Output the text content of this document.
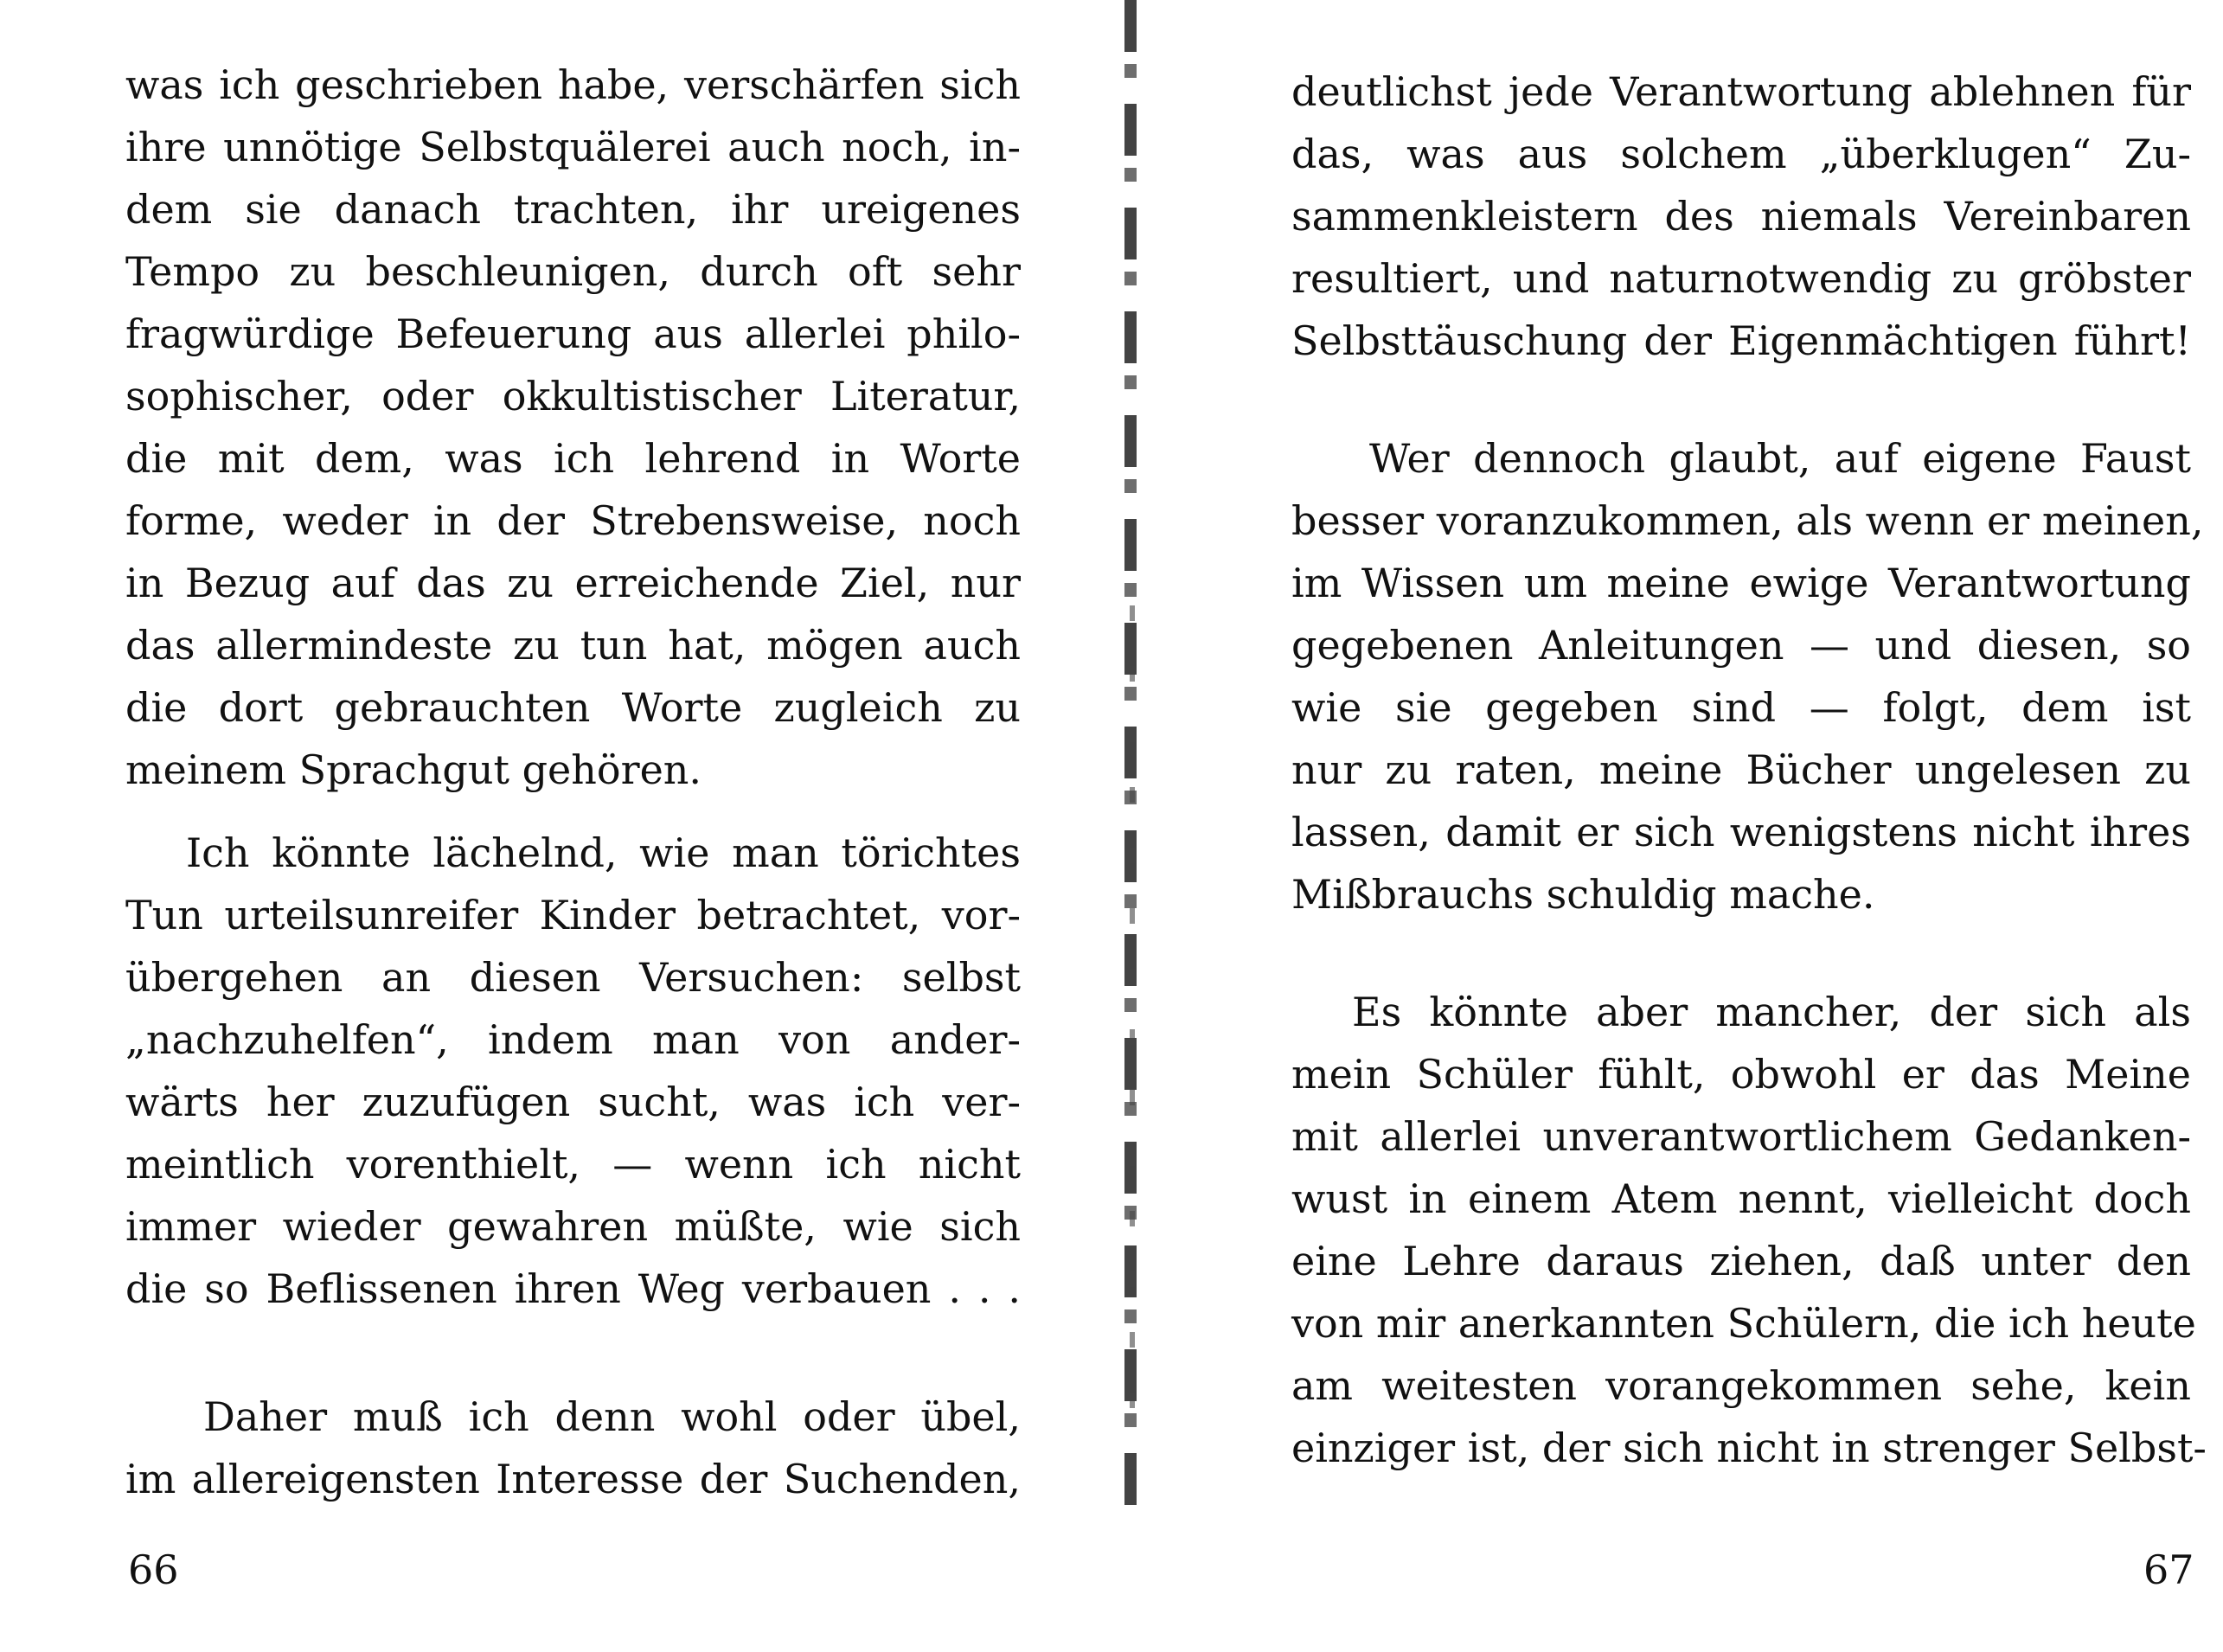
was ich geschrieben habe, verschärfen sich
ihre unnötige Selbstquälerei auch noch, in-
dem sie danach trachten, ihr ureigenes
Tempo zu beschleunigen, durch oft sehr
fragwürdige Befeuerung aus allerlei philo-
sophischer, oder okkultistischer Literatur,
die mit dem, was ich lehrend in Worte
forme, weder in der Strebensweise, noch
in Bezug auf das zu erreichende Ziel, nur
das allermindeste zu tun hat, mögen auch
die dort gebrauchten Worte zugleich zu
meinem Sprachgut gehören.

Ich könnte lächelnd, wie man törichtes
Tun urteilsunreifer Kinder betrachtet, vor-
übergehen an diesen Versuchen: selbst
„nachzuhelfen“, indem man von ander-
wärts her zuzufügen sucht, was ich ver-
meintlich vorenthielt, — wenn ich nicht
immer wieder gewahren müßte, wie sich
die so Beflissenen ihren Weg verbauen . . .

Daher muß ich denn wohl oder übel,
im allereigensten Interesse der Suchenden,

66

deutlichst jede Verantwortung ablehnen für
das, was aus solchem „überklugen“ Zu-
sammenkleistern des niemals Vereinbaren
resultiert, und naturnotwendig zu gröbster
Selbsttäuschung der Eigenmächtigen führt!

Wer dennoch glaubt, auf eigene Faust
besser voranzukommen, als wenn er meinen,
im Wissen um meine ewige Verantwortung
gegebenen Anleitungen — und diesen, so
wie sie gegeben sind — folgt, dem ist
nur zu raten, meine Bücher ungelesen zu
lassen, damit er sich wenigstens nicht ihres
Mißbrauchs schuldig mache.

Es könnte aber mancher, der sich als
mein Schüler fühlt, obwohl er das Meine
mit allerlei unverantwortlichem Gedanken-
wust in einem Atem nennt, vielleicht doch
eine Lehre daraus ziehen, daß unter den
von mir anerkannten Schülern, die ich heute
am weitesten vorangekommen sehe, kein
einziger ist, der sich nicht in strenger Selbst-

67
